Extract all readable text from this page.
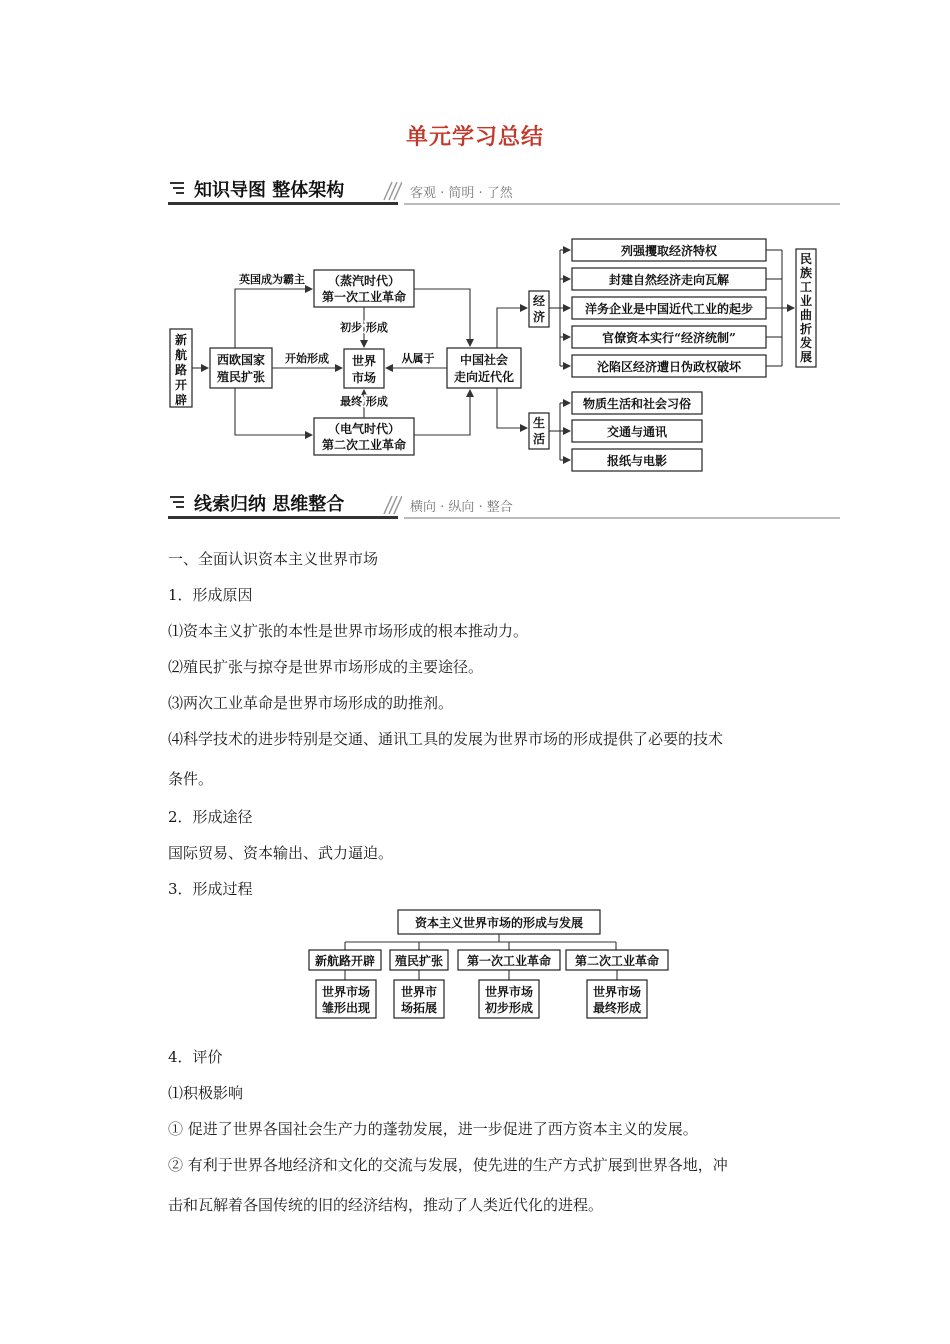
单元学习总结
知识导图 整体架构	客观 · 简明 · 了然
新
航
路
开
辟
西欧国家
殖民扩张
英国成为霸主 （蒸汽时代）
第一次工业革命
（电气时代）
第二次工业革命
世界
市场
初步 形成
最终 形成
开始形成	中国社会
走向近代化
从属于
经
济
生
活
列强攫取经济特权
封建自然经济走向瓦解
洋务企业是中国近代工业的起步
官僚资本实行“经济统制”
沦陷区经济遭日伪政权破坏
民
族
工
业
曲
折
发
展
物质生活和社会习俗
交通与通讯
报纸与电影
线索归纳 思维整合	横向 · 纵向 · 整合
一、全面认识资本主义世界市场
1．形成原因
⑴资本主义扩张的本性是世界市场形成的根本推动力。
⑵殖民扩张与掠夺是世界市场形成的主要途径。
⑶两次工业革命是世界市场形成的助推剂。
⑷科学技术的进步特别是交通、通讯工具的发展为世界市场的形成提供了必要的技术
条件。
2．形成途径
国际贸易、资本输出、武力逼迫。
3．形成过程
资本主义世界市场的形成与发展
新航路开辟 殖民扩张 第一次工业革命 第二次工业革命
世界市场
雏形出现
世界市
场拓展
世界市场
初步形成
世界市场
最终形成
4．评价
⑴积极影响
① 促进了世界各国社会生产力的蓬勃发展，进一步促进了西方资本主义的发展。
② 有利于世界各地经济和文化的交流与发展，使先进的生产方式扩展到世界各地，冲
击和瓦解着各国传统的旧的经济结构，推动了人类近代化的进程。
